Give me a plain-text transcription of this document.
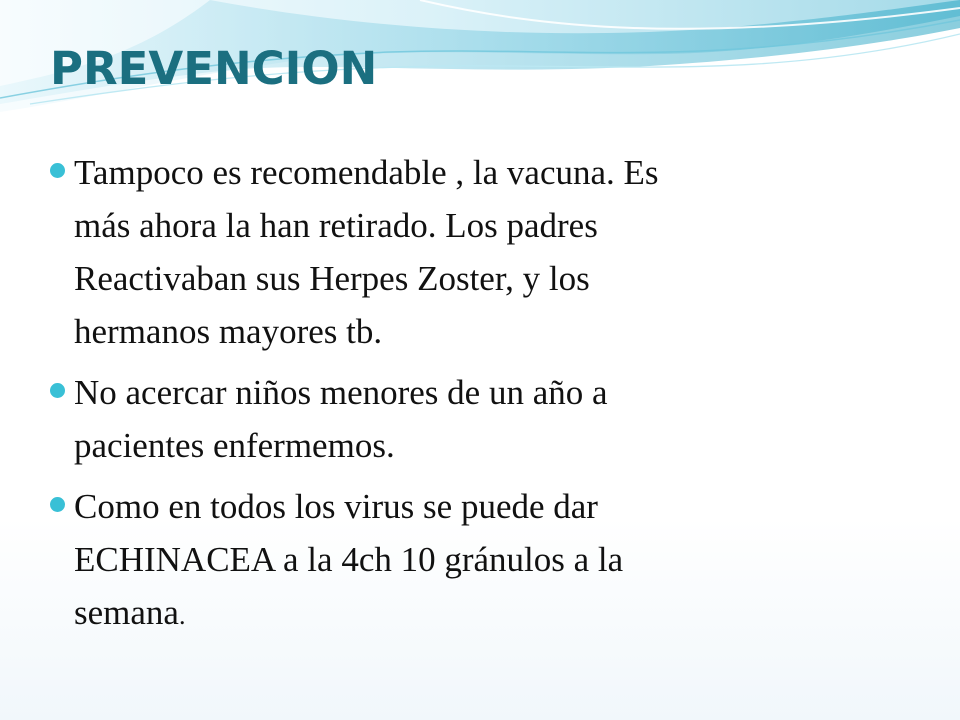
PREVENCION
Tampoco es recomendable , la vacuna. Es
más ahora la han retirado. Los padres
Reactivaban sus Herpes Zoster, y los
hermanos mayores tb.
No acercar niños menores de un año a
pacientes enfermemos.
Como en todos los virus se puede dar
ECHINACEA a la 4ch 10 gránulos a la
semana.
